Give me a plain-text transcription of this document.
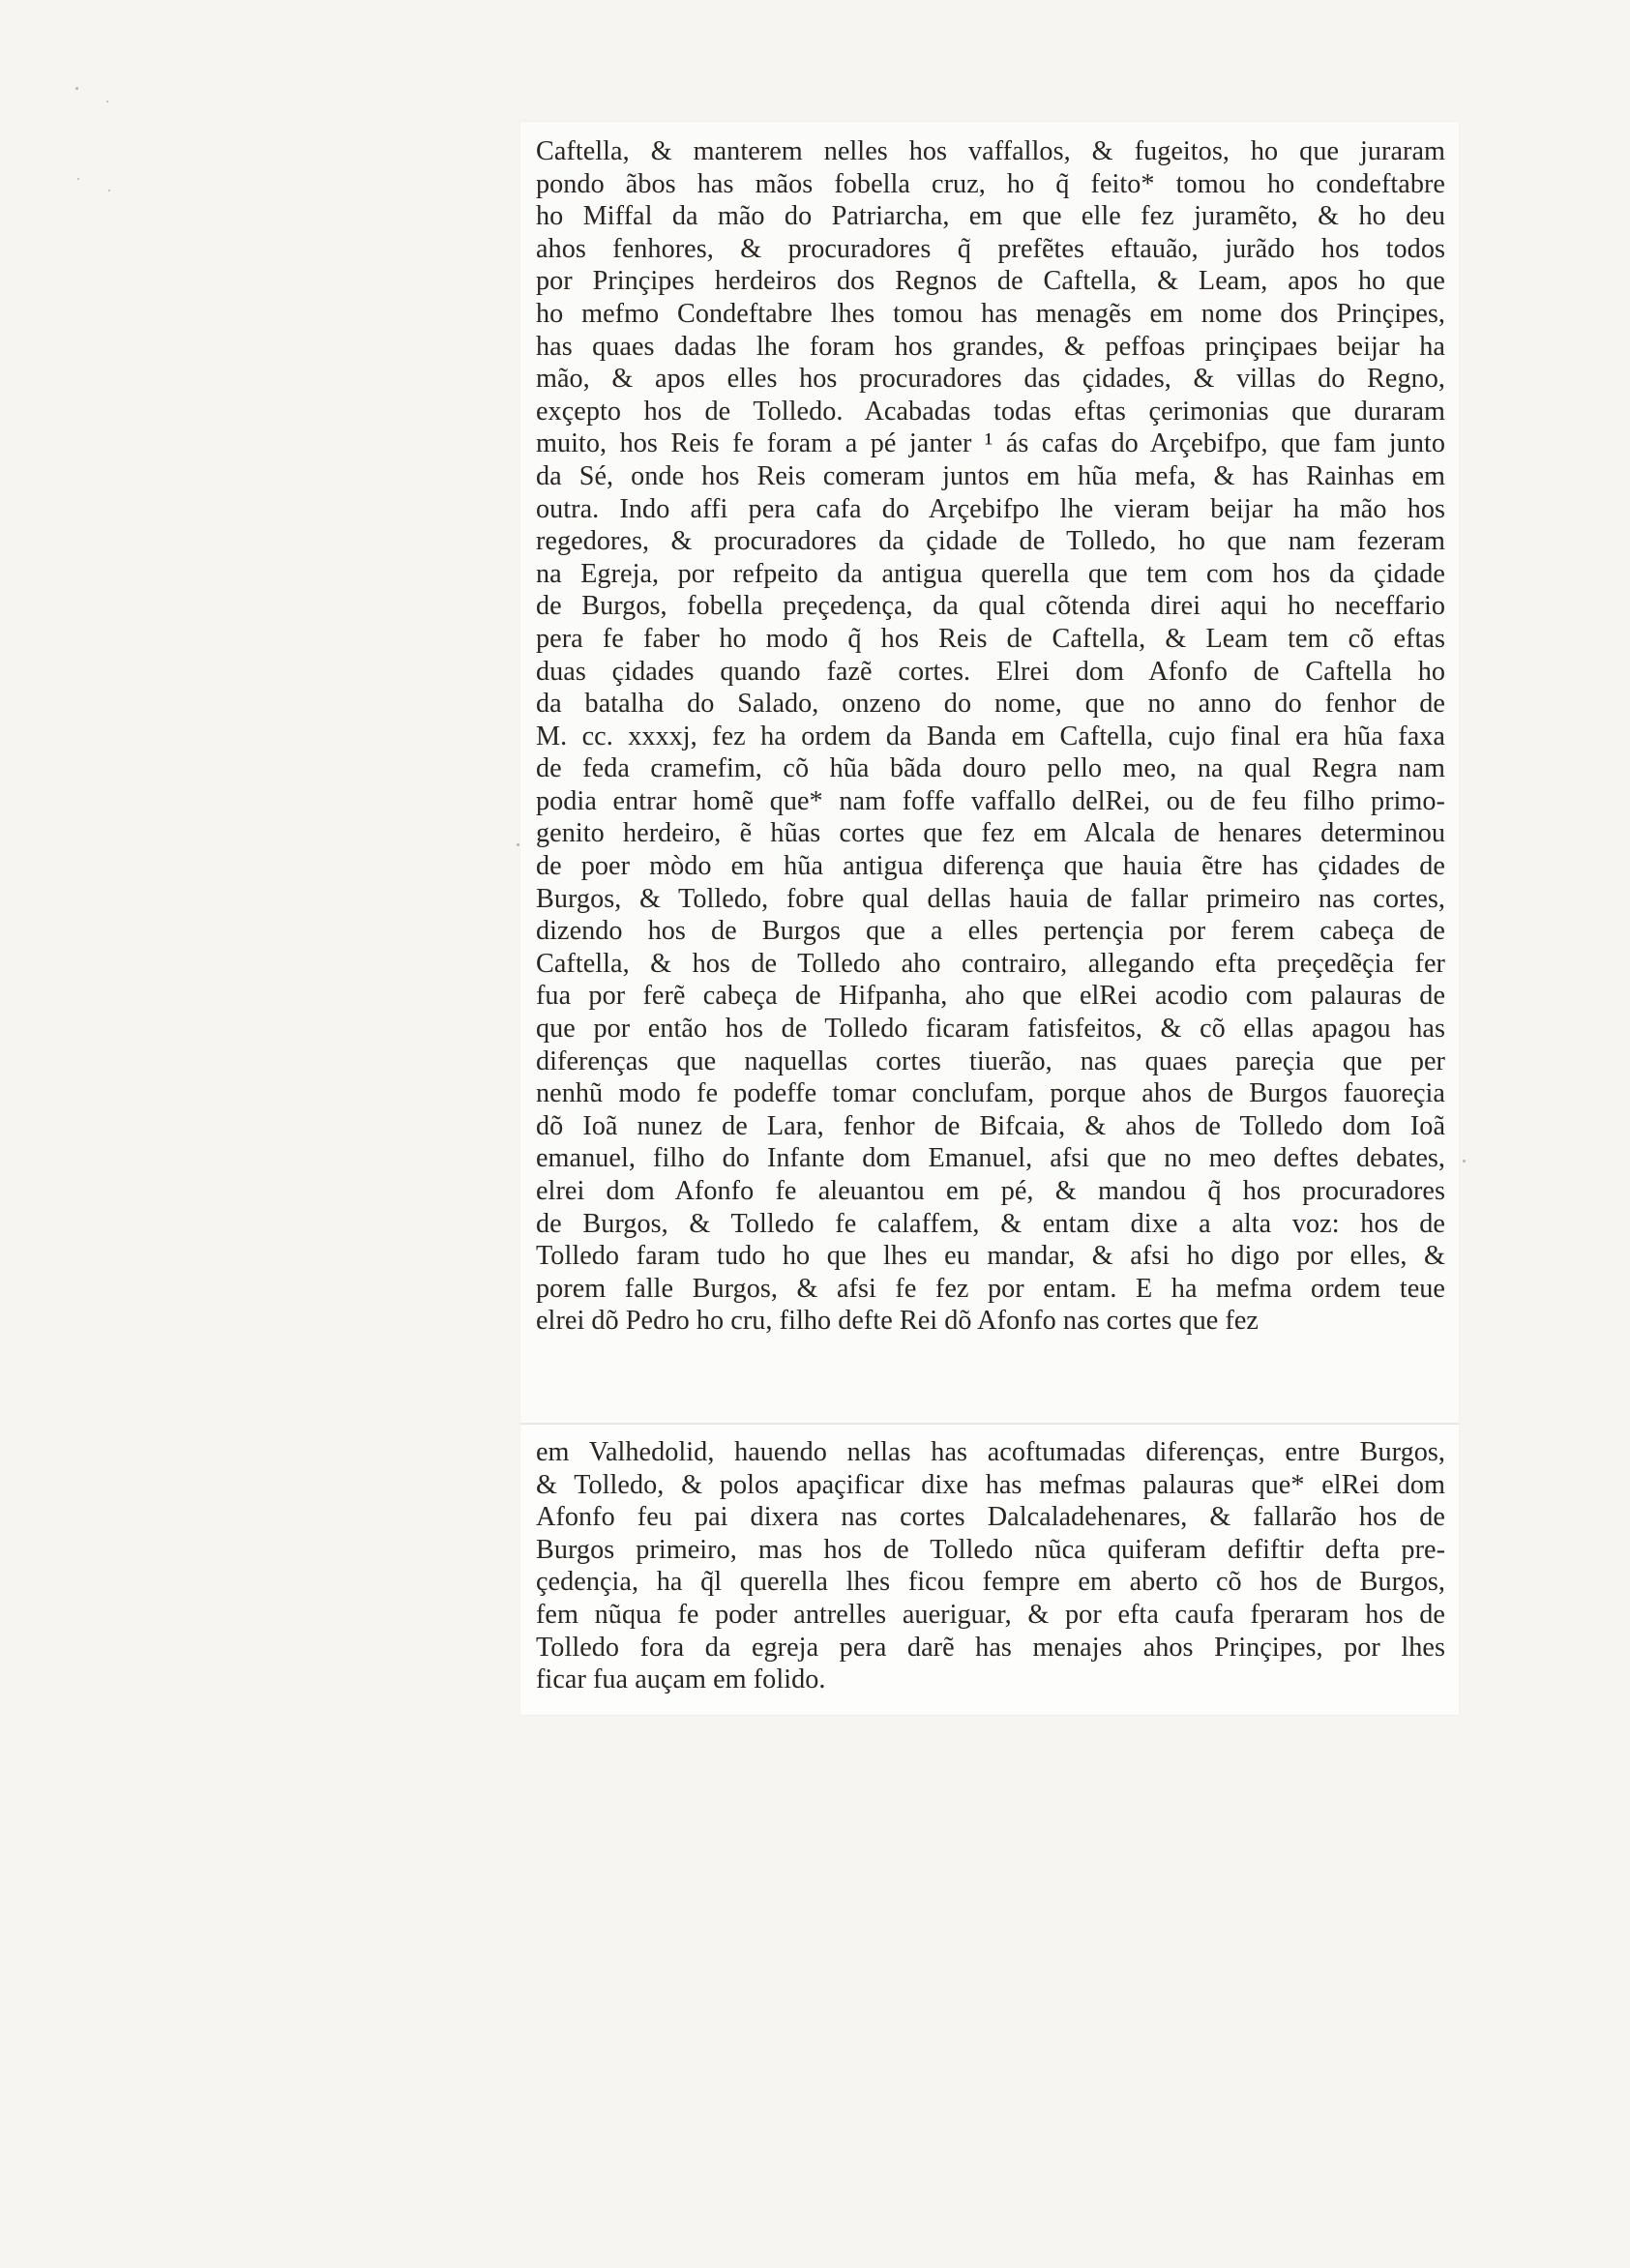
Caftella, & manterem nelles hos vaffallos, & fugeitos, ho que juraram
pondo ãbos has mãos fobella cruz, ho q̃ feito* tomou ho condeftabre
ho Miffal da mão do Patriarcha, em que elle fez juramẽto, & ho deu
ahos fenhores, & procuradores q̃ prefẽtes eftauão, jurãdo hos todos
por Prinçipes herdeiros dos Regnos de Caftella, & Leam, apos ho que
ho mefmo Condeftabre lhes tomou has menagẽs em nome dos Prinçipes,
has quaes dadas lhe foram hos grandes, & peffoas prinçipaes beijar ha
mão, & apos elles hos procuradores das çidades, & villas do Regno,
exçepto hos de Tolledo. Acabadas todas eftas çerimonias que duraram
muito, hos Reis fe foram a pé janter ¹ ás cafas do Arçebifpo, que fam junto
da Sé, onde hos Reis comeram juntos em hũa mefa, & has Rainhas em
outra. Indo affi pera cafa do Arçebifpo lhe vieram beijar ha mão hos
regedores, & procuradores da çidade de Tolledo, ho que nam fezeram
na Egreja, por refpeito da antigua querella que tem com hos da çidade
de Burgos, fobella preçedença, da qual cõtenda direi aqui ho neceffario
pera fe faber ho modo q̃ hos Reis de Caftella, & Leam tem cõ eftas
duas çidades quando fazẽ cortes. Elrei dom Afonfo de Caftella ho
da batalha do Salado, onzeno do nome, que no anno do fenhor de
M. cc. xxxxj, fez ha ordem da Banda em Caftella, cujo final era hũa faxa
de feda cramefim, cõ hũa bãda douro pello meo, na qual Regra nam
podia entrar homẽ que* nam foffe vaffallo delRei, ou de feu filho primo-
genito herdeiro, ẽ hũas cortes que fez em Alcala de henares determinou
de poer mòdo em hũa antigua diferença que hauia ẽtre has çidades de
Burgos, & Tolledo, fobre qual dellas hauia de fallar primeiro nas cortes,
dizendo hos de Burgos que a elles pertençia por ferem cabeça de
Caftella, & hos de Tolledo aho contrairo, allegando efta preçedẽçia fer
fua por ferẽ cabeça de Hifpanha, aho que elRei acodio com palauras de
que por então hos de Tolledo ficaram fatisfeitos, & cõ ellas apagou has
diferenças que naquellas cortes tiuerão, nas quaes pareçia que per
nenhũ modo fe podeffe tomar conclufam, porque ahos de Burgos fauoreçia
dõ Ioã nunez de Lara, fenhor de Bifcaia, & ahos de Tolledo dom Ioã
emanuel, filho do Infante dom Emanuel, afsi que no meo deftes debates,
elrei dom Afonfo fe aleuantou em pé, & mandou q̃ hos procuradores
de Burgos, & Tolledo fe calaffem, & entam dixe a alta voz: hos de
Tolledo faram tudo ho que lhes eu mandar, & afsi ho digo por elles, &
porem falle Burgos, & afsi fe fez por entam. E ha mefma ordem teue
elrei dõ Pedro ho cru, filho defte Rei dõ Afonfo nas cortes que fez
em Valhedolid, hauendo nellas has acoftumadas diferenças, entre Burgos,
& Tolledo, & polos apaçificar dixe has mefmas palauras que* elRei dom
Afonfo feu pai dixera nas cortes Dalcaladehenares, & fallarão hos de
Burgos primeiro, mas hos de Tolledo nũca quiferam defiftir defta pre-
çedençia, ha q̃l querella lhes ficou fempre em aberto cõ hos de Burgos,
fem nũqua fe poder antrelles aueriguar, & por efta caufa fperaram hos de
Tolledo fora da egreja pera darẽ has menajes ahos Prinçipes, por lhes
ficar fua auçam em folido.
